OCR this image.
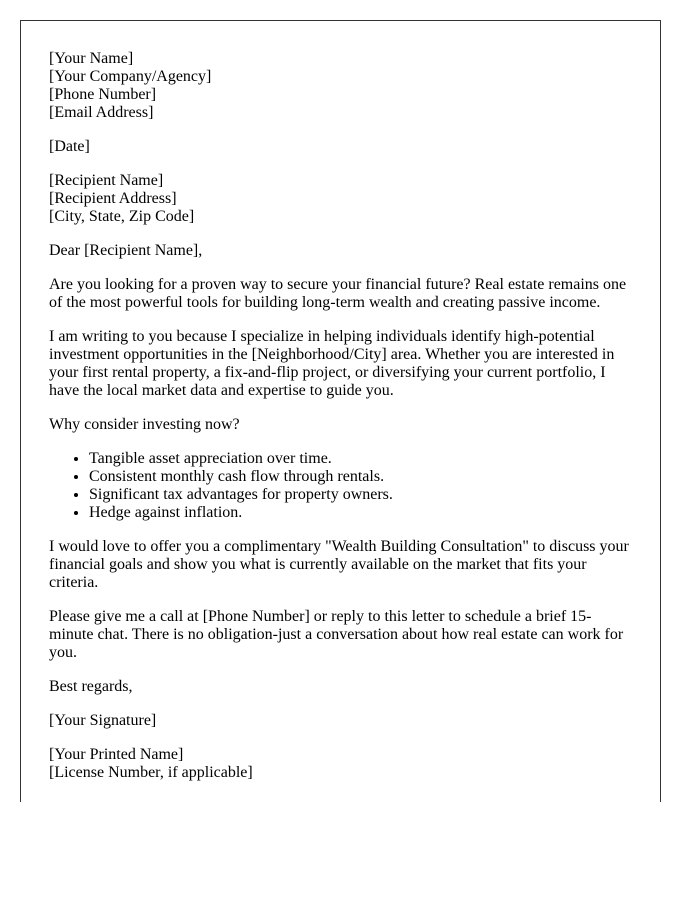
[Your Name]
[Your Company/Agency]
[Phone Number]
[Email Address]

[Date]

[Recipient Name]
[Recipient Address]
[City, State, Zip Code]

Dear [Recipient Name],

Are you looking for a proven way to secure your financial future? Real estate remains one of the most powerful tools for building long-term wealth and creating passive income.

I am writing to you because I specialize in helping individuals identify high-potential investment opportunities in the [Neighborhood/City] area. Whether you are interested in your first rental property, a fix-and-flip project, or diversifying your current portfolio, I have the local market data and expertise to guide you.

Why consider investing now?

• Tangible asset appreciation over time.
• Consistent monthly cash flow through rentals.
• Significant tax advantages for property owners.
• Hedge against inflation.

I would love to offer you a complimentary "Wealth Building Consultation" to discuss your financial goals and show you what is currently available on the market that fits your criteria.

Please give me a call at [Phone Number] or reply to this letter to schedule a brief 15-minute chat. There is no obligation-just a conversation about how real estate can work for you.

Best regards,

[Your Signature]

[Your Printed Name]
[License Number, if applicable]
